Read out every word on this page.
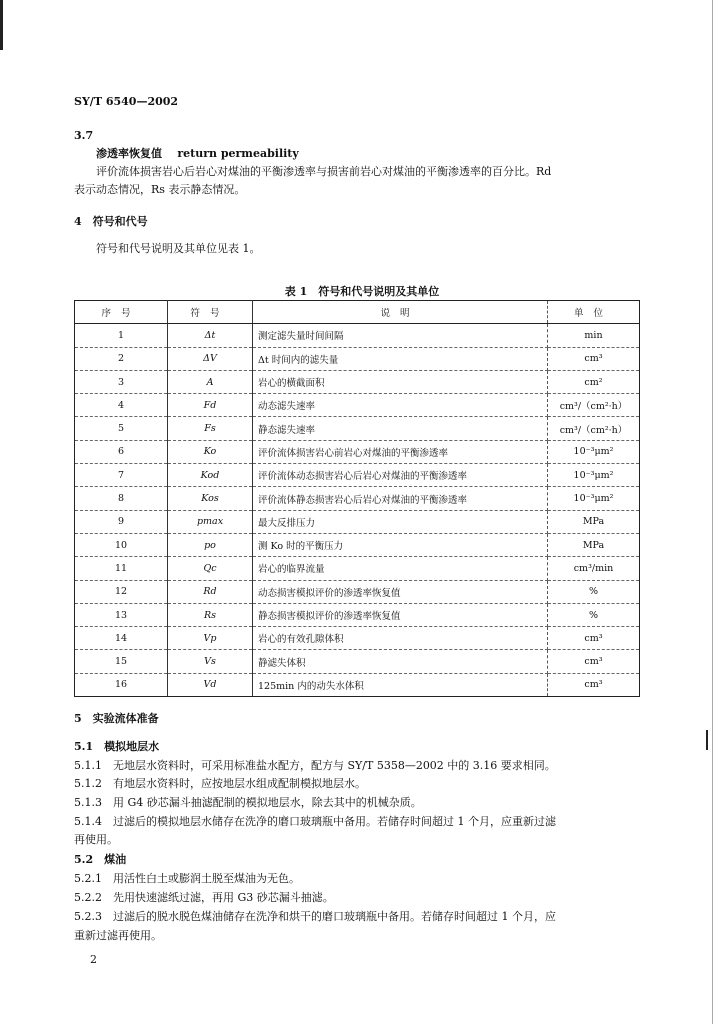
SY/T 6540—2002
3.7
渗透率恢复值 return permeability
评价流体损害岩心后岩心对煤油的平衡渗透率与损害前岩心对煤油的平衡渗透率的百分比。Rd
表示动态情况，Rs 表示静态情况。
4　符号和代号
符号和代号说明及其单位见表 1。
表 1　符号和代号说明及其单位
序号	符号	说明	单位
1	Δt	测定滤失量时间间隔	min
2	ΔV	Δt 时间内的滤失量	cm³
3	A	岩心的横截面积	cm²
4	Fd	动态滤失速率	cm³/（cm²·h）
5	Fs	静态滤失速率	cm³/（cm²·h）
6	Ko	评价流体损害岩心前岩心对煤油的平衡渗透率	10⁻³μm²
7	Kod	评价流体动态损害岩心后岩心对煤油的平衡渗透率	10⁻³μm²
8	Kos	评价流体静态损害岩心后岩心对煤油的平衡渗透率	10⁻³μm²
9	pmax	最大反排压力	MPa
10	po	测 Ko 时的平衡压力	MPa
11	Qc	岩心的临界流量	cm³/min
12	Rd	动态损害模拟评价的渗透率恢复值	%
13	Rs	静态损害模拟评价的渗透率恢复值	%
14	Vp	岩心的有效孔隙体积	cm³
15	Vs	静滤失体积	cm³
16	Vd	125min 内的动失水体积	cm³
5　实验流体准备
5.1　模拟地层水
5.1.1　无地层水资料时，可采用标准盐水配方，配方与 SY/T 5358—2002 中的 3.16 要求相同。
5.1.2　有地层水资料时，应按地层水组成配制模拟地层水。
5.1.3　用 G4 砂芯漏斗抽滤配制的模拟地层水，除去其中的机械杂质。
5.1.4　过滤后的模拟地层水储存在洗净的磨口玻璃瓶中备用。若储存时间超过 1 个月，应重新过滤
再使用。
5.2　煤油
5.2.1　用活性白土或膨润土脱至煤油为无色。
5.2.2　先用快速滤纸过滤，再用 G3 砂芯漏斗抽滤。
5.2.3　过滤后的脱水脱色煤油储存在洗净和烘干的磨口玻璃瓶中备用。若储存时间超过 1 个月，应
重新过滤再使用。
2
